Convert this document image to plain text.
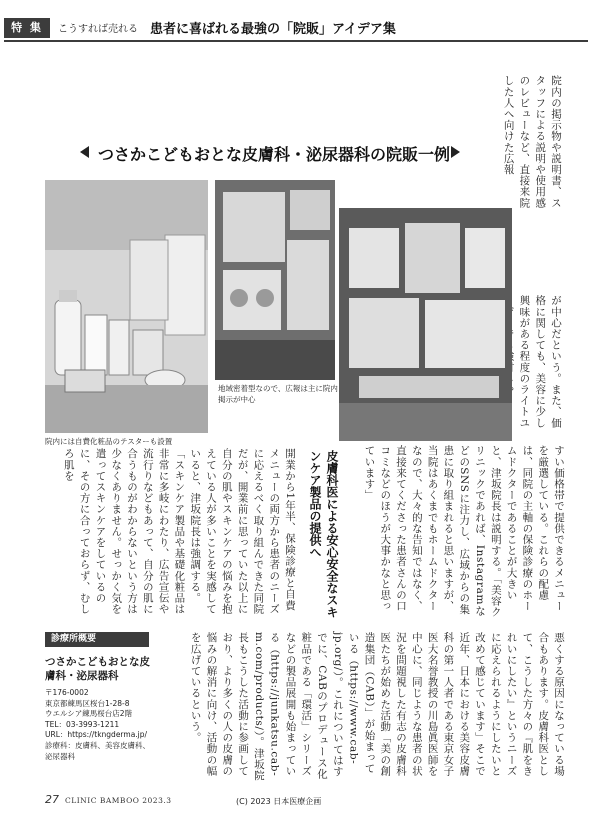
特 集	こうすれば売れる 患者に喜ばれる最強の「院販」アイデア集
院内の掲示物や説明書、スタッフによる説明や使用感のレビューなど、直接来院した人へ向けた広報
が中心だという。また、価格に関しても、美容に少し興味がある程度のライトユ
つさかこどもおとな皮膚科・泌尿器科の院販一例
院内には自費化粧品のテスターも設置
地域密着型なので、広報は主に院内掲示が中心
すい価格帯で提供できるメニューを厳選している。これらの配慮は、同院の主軸の保険診療のホームドクターであることが大きいと、津坂院長は説明する。「美容クリニックであれば、InstagramなどのSNSに注力し、広域からの集患に取り組まれると思いますが、当院はあくまでもホームドクターなので、大々的な告知ではなく、直接来てくださった患者さんの口コミなどのほうが大事かなと思っています」
皮膚科医による安心安全なスキンケア製品の提供へ
開業から1年半、保険診療と自費メニューの両方から患者のニーズに応えるべく取り組んできた同院だが、開業前に思っていた以上に自分の肌やスキンケアの悩みを抱えている人が多いことを実感していると、津坂院長は強調する。「スキンケア製品や基礎化粧品は非常に多岐にわたり、広告宣伝や流行りなどもあって、自分の肌に合うものがわからないという方は少なくありません。せっかく気を遣ってスキンケアをしているのに、その方に合っておらず、むしろ肌を
悪くする原因になっている場合もあります。皮膚科医として、こうした方々の『肌をきれいにしたい』というニーズに応えられるようにしたいと改めて感じています」そこで近年、日本における美容皮膚科の第一人者である東京女子医大名誉教授の川島眞医師を中心に、同じような患者の状況を問題視した有志の皮膚科医たちが始めた活動「美の創造集団（CAB）」が始まっている（https://www.cab-jp.org/）。これについてはすでに、CABのプロデュース化粧品である「環活」シリーズなどの製品展開も始まっている（https://junkatsu.cab-m.com/products/）。津坂院長もこうした活動に参画しており、より多くの人の皮膚の悩みの解消に向け、活動の幅を広げているという。
診療所概要
つさかこどもおとな皮膚科・泌尿器科
〒176-0002
東京都練馬区桜台1-28-8
ウエルシア練馬桜台店2階
TEL：03-3993-1211
URL：https://tkngderma.jp/
診療科：皮膚科、美容皮膚科、泌尿器科
27 CLINIC BAMBOO 2023.3	(C) 2023 日本医療企画
